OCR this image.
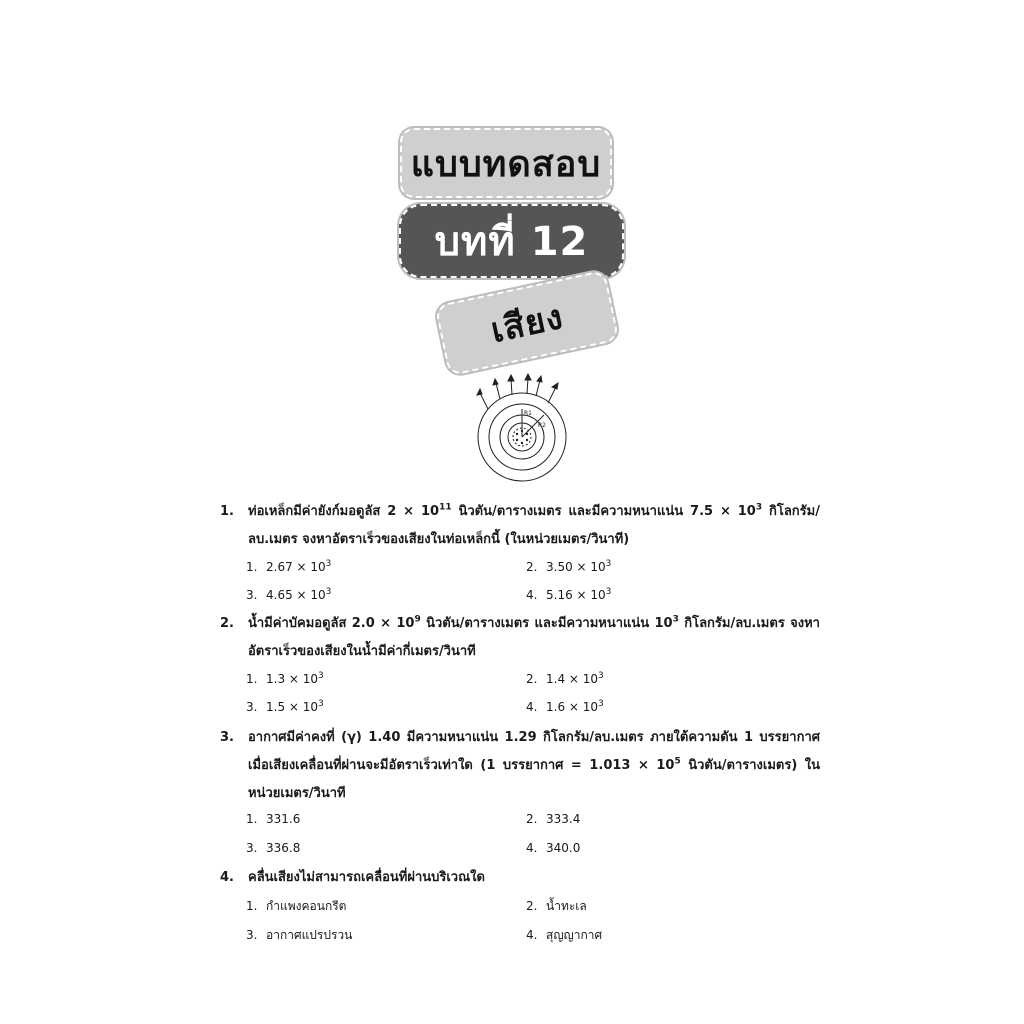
แบบทดสอบ
บทที่ 12
เสียง
R1
R2
1.	ท่อเหล็กมีค่ายังก์มอดูลัส $2 \times 10^{11}$ นิวตัน/ตารางเมตร และมีความหนาแน่น $7.5 \times 10^3$ กิโลกรัม/ลบ.เมตร จงหาอัตราเร็วของเสียงในท่อเหล็กนี้ (ในหน่วยเมตร/วินาที)
1. $2.67 \times 10^3$	2. $3.50 \times 10^3$
3. $4.65 \times 10^3$	4. $5.16 \times 10^3$
2.	น้ำมีค่าบัคมอดูลัส $2.0 \times 10^9$ นิวตัน/ตารางเมตร และมีความหนาแน่น $10^3$ กิโลกรัม/ลบ.เมตร จงหาอัตราเร็วของเสียงในน้ำมีค่ากี่เมตร/วินาที
1. $1.3 \times 10^3$	2. $1.4 \times 10^3$
3. $1.5 \times 10^3$	4. $1.6 \times 10^3$
3.	อากาศมีค่าคงที่ (γ) 1.40 มีความหนาแน่น 1.29 กิโลกรัม/ลบ.เมตร ภายใต้ความดัน 1 บรรยากาศ เมื่อเสียงเคลื่อนที่ผ่านจะมีอัตราเร็วเท่าใด (1 บรรยากาศ = $1.013 \times 10^5$ นิวตัน/ตารางเมตร) ในหน่วยเมตร/วินาที
1. 331.6	2. 333.4
3. 336.8	4. 340.0
4.	คลื่นเสียงไม่สามารถเคลื่อนที่ผ่านบริเวณใด
1. กำแพงคอนกรีต	2. น้ำทะเล
3. อากาศแปรปรวน	4. สุญญากาศ
